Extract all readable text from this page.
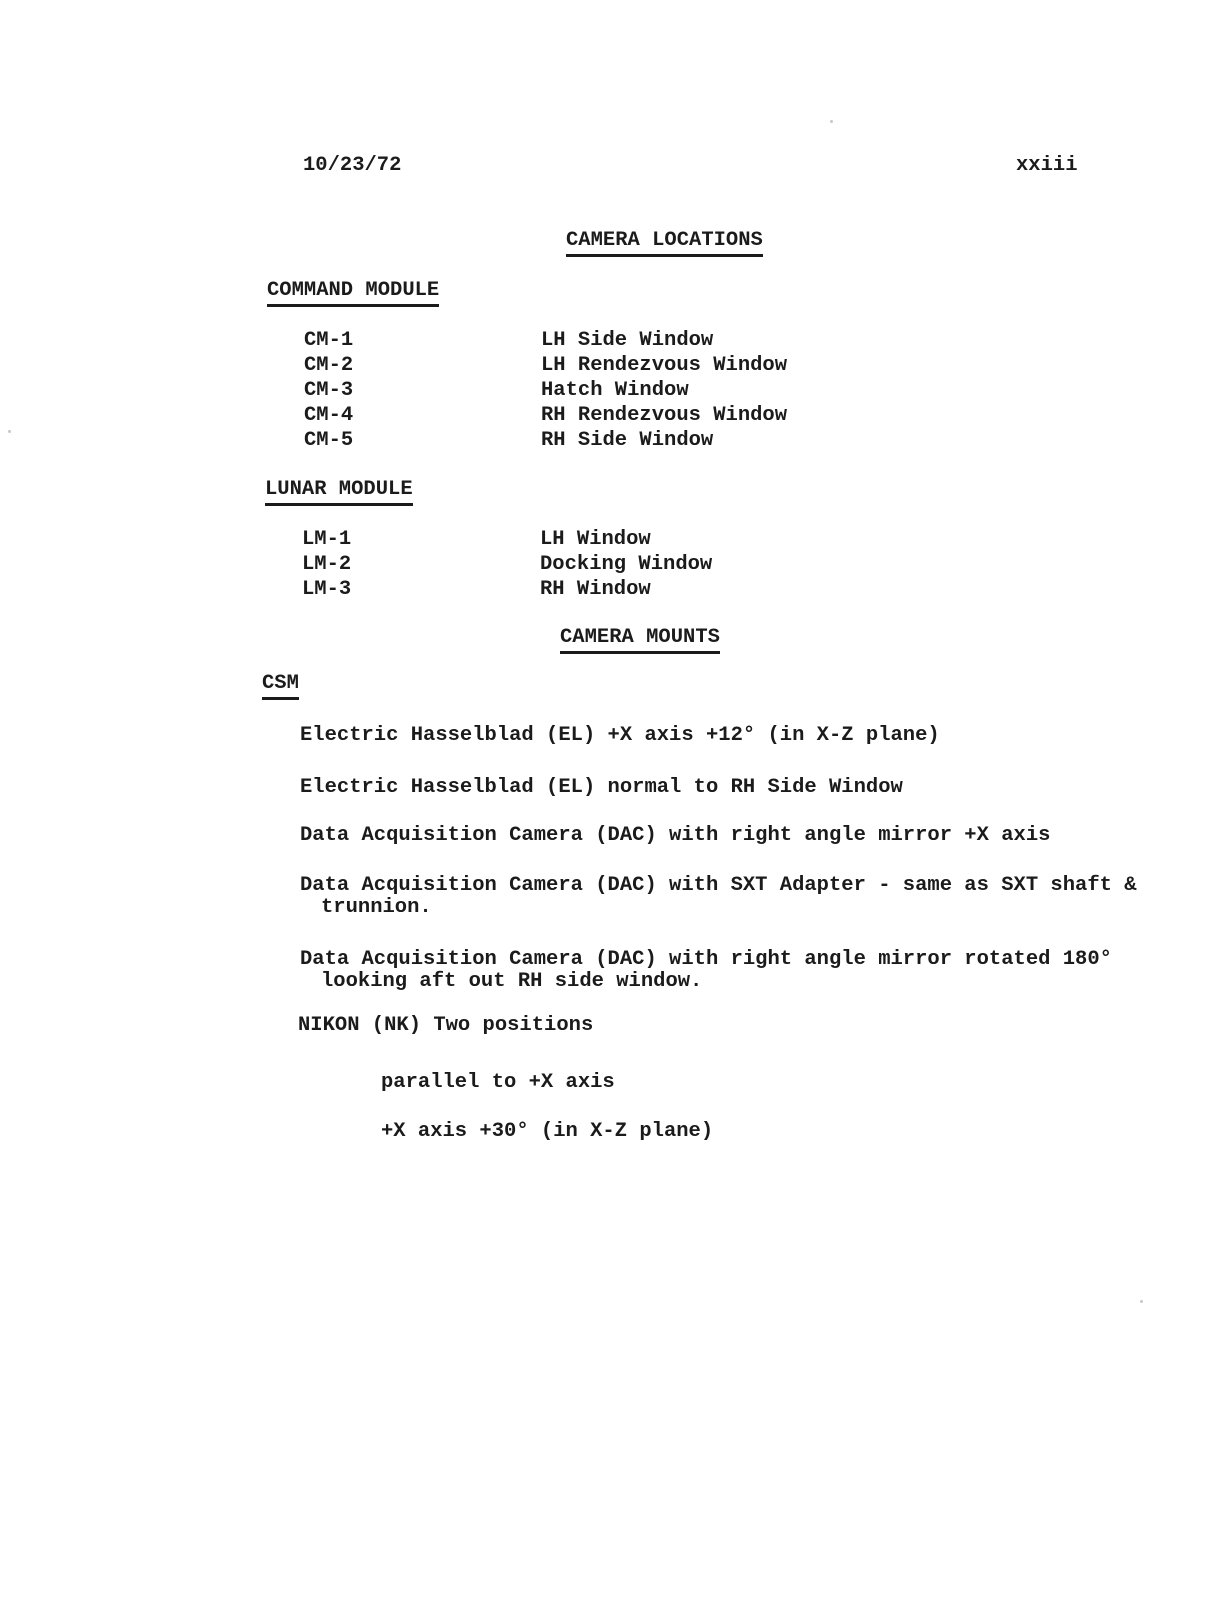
10/23/72	xxiii
CAMERA LOCATIONS
COMMAND MODULE
CM-1	LH Side Window
CM-2	LH Rendezvous Window
CM-3	Hatch Window
CM-4	RH Rendezvous Window
CM-5	RH Side Window
LUNAR MODULE
LM-1	LH Window
LM-2	Docking Window
LM-3	RH Window
CAMERA MOUNTS
CSM
Electric Hasselblad (EL) +X axis +12° (in X-Z plane)
Electric Hasselblad (EL) normal to RH Side Window
Data Acquisition Camera (DAC) with right angle mirror +X axis
Data Acquisition Camera (DAC) with SXT Adapter - same as SXT shaft &
trunnion.
Data Acquisition Camera (DAC) with right angle mirror rotated 180°
looking aft out RH side window.
NIKON (NK) Two positions
parallel to +X axis
+X axis +30° (in X-Z plane)
